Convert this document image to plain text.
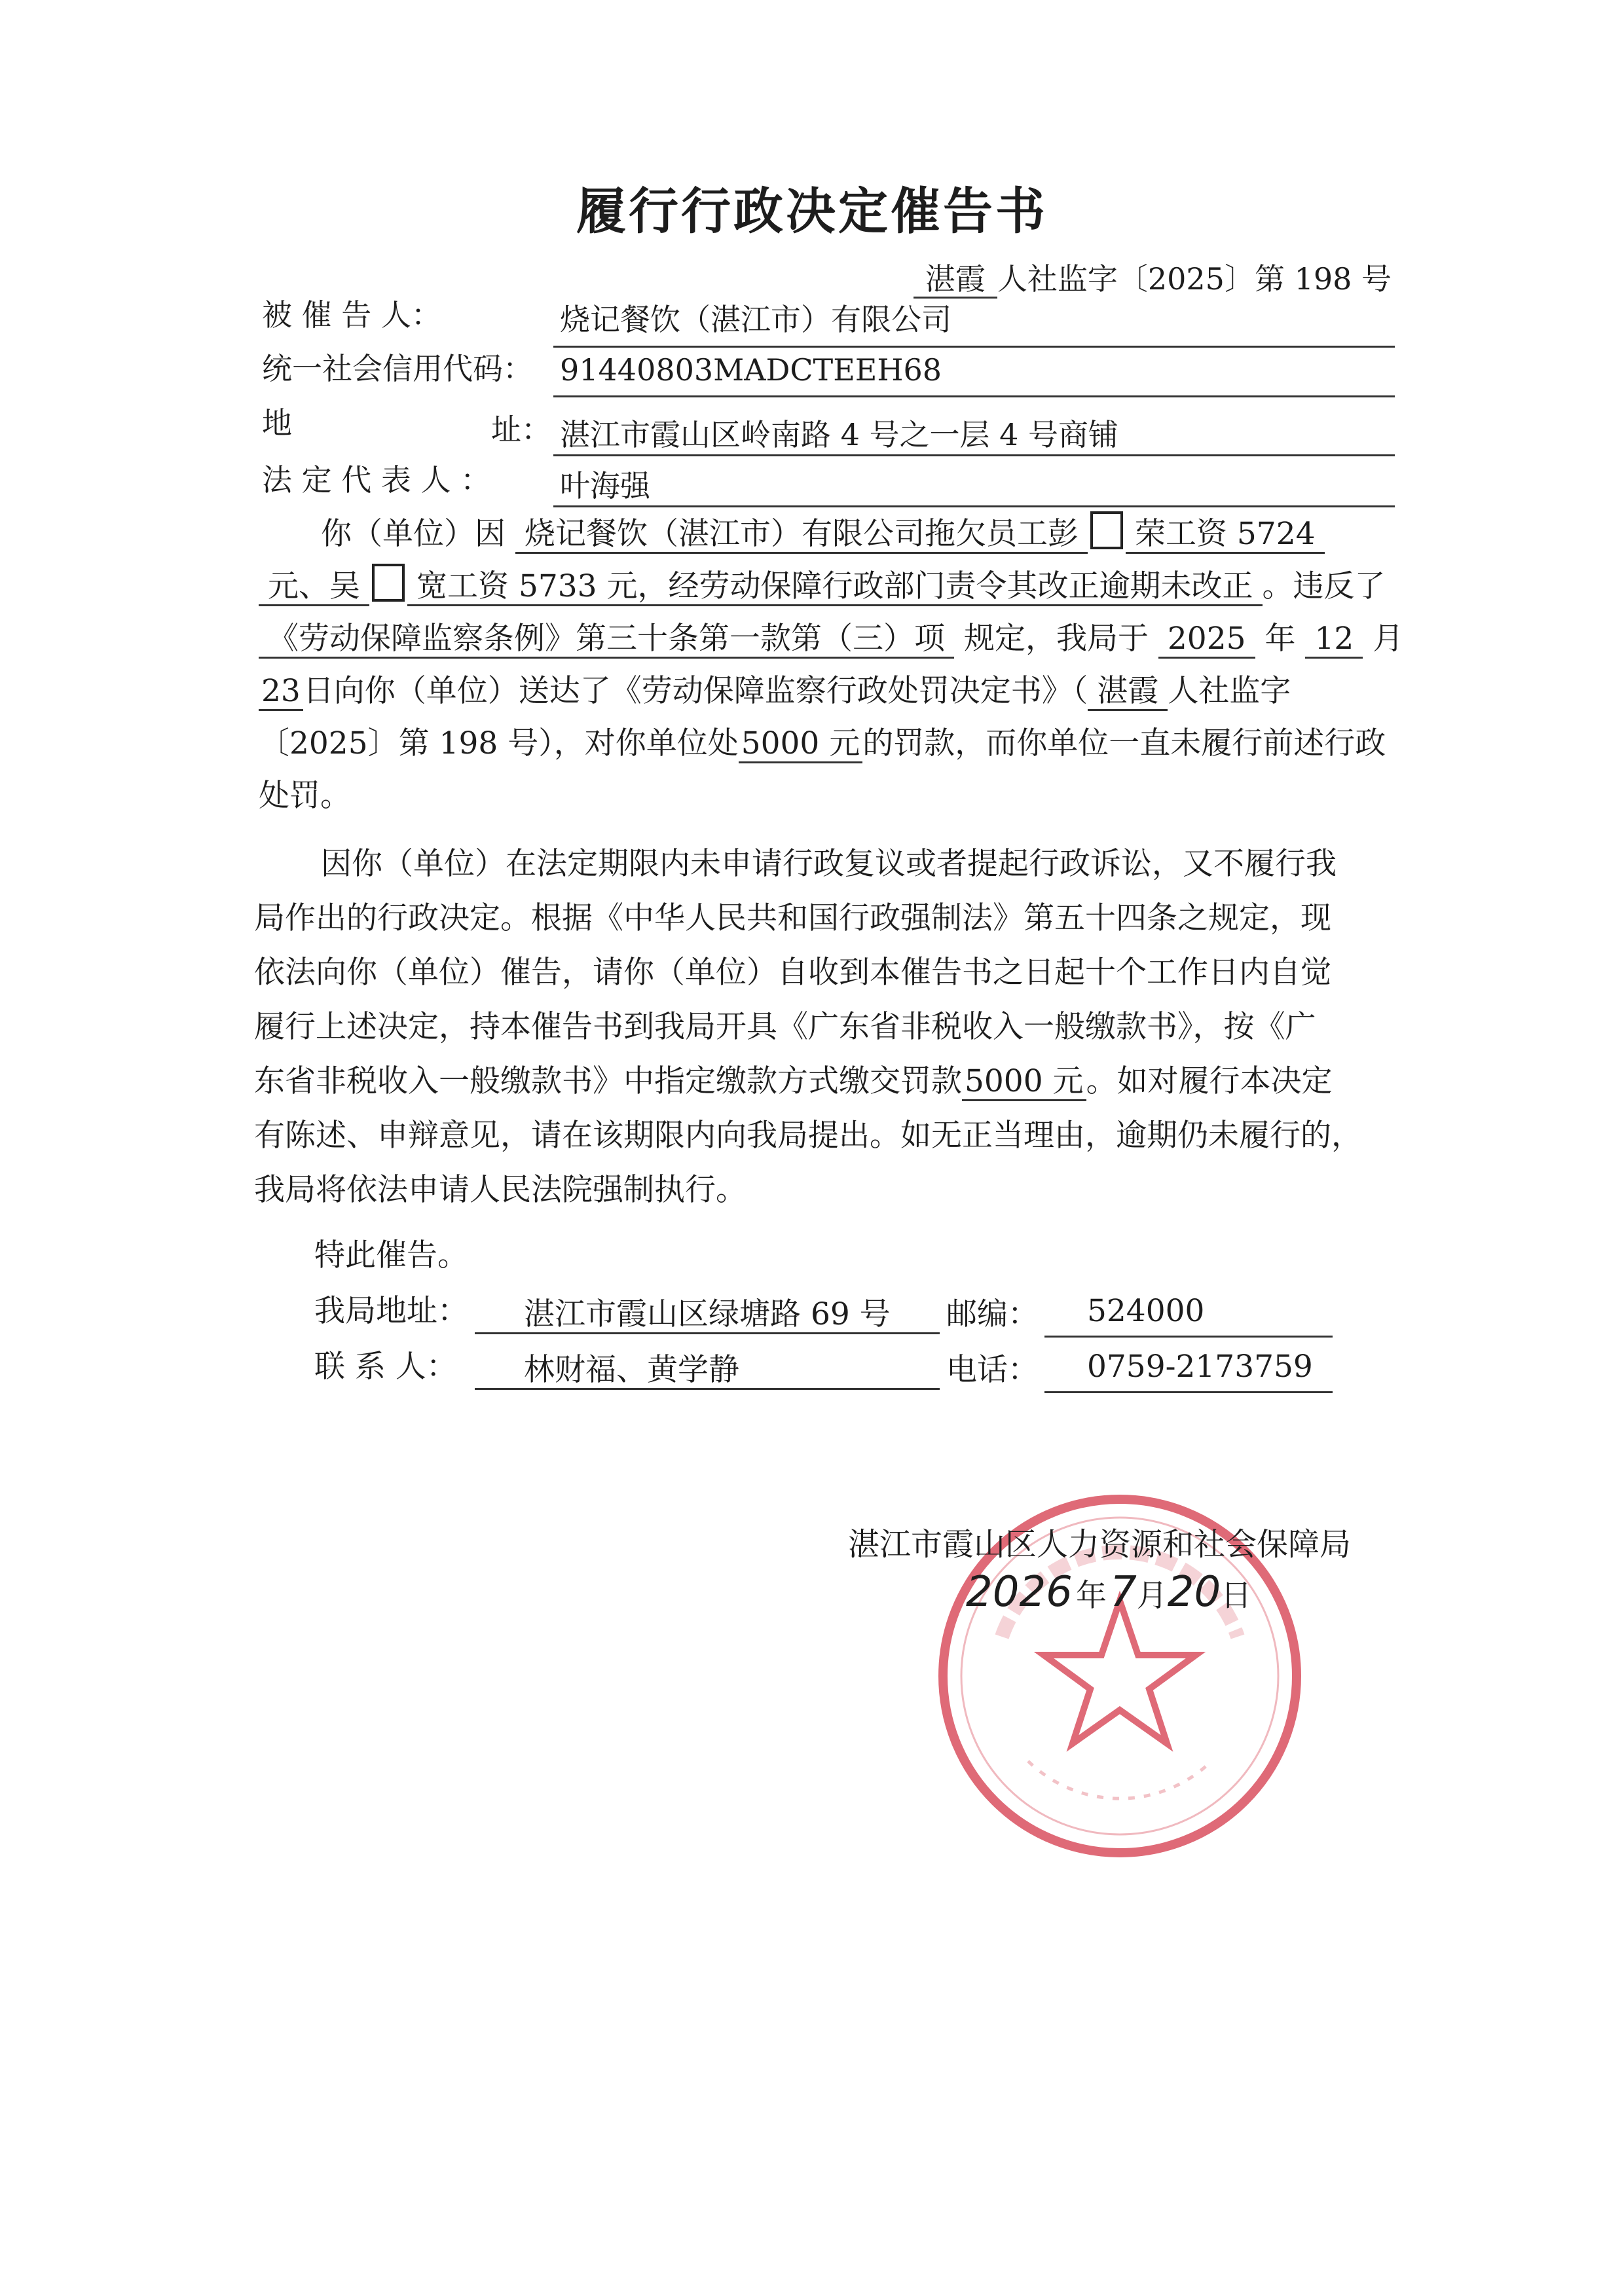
履行行政决定催告书
湛霞 人社监字〔2025〕第 198 号
被 催 告 人：	烧记餐饮（湛江市）有限公司
统一社会信用代码： 91440803MADCTEEH68
地	址： 湛江市霞山区岭南路 4 号之一层 4 号商铺
法 定 代 表 人 ： 叶海强
你（单位）因 烧记餐饮（湛江市）有限公司拖欠员工彭 荣工资 5724
元、吴 宽工资 5733 元，经劳动保障行政部门责令其改正逾期未改正 。违反了
《劳动保障监察条例》第三十条第一款第（三）项 规定，我局于 2025 年 12 月
23日向你（单位）送达了《劳动保障监察行政处罚决定书》（ 湛霞 人社监字
〔2025〕第 198 号），对你单位处5000 元的罚款，而你单位一直未履行前述行政
处罚。
因你（单位）在法定期限内未申请行政复议或者提起行政诉讼，又不履行我
局作出的行政决定。根据《中华人民共和国行政强制法》第五十四条之规定，现
依法向你（单位）催告，请你（单位）自收到本催告书之日起十个工作日内自觉
履行上述决定，持本催告书到我局开具《广东省非税收入一般缴款书》，按《广
东省非税收入一般缴款书》中指定缴款方式缴交罚款5000 元。如对履行本决定
有陈述、申辩意见，请在该期限内向我局提出。如无正当理由，逾期仍未履行的，
我局将依法申请人民法院强制执行。
特此催告。
我局地址： 湛江市霞山区绿塘路 69 号 邮编： 524000
联 系 人： 林财福、黄学静	电话： 0759-2173759
湛江市霞山区人力资源和社会保障局
2026 年 7月20日
